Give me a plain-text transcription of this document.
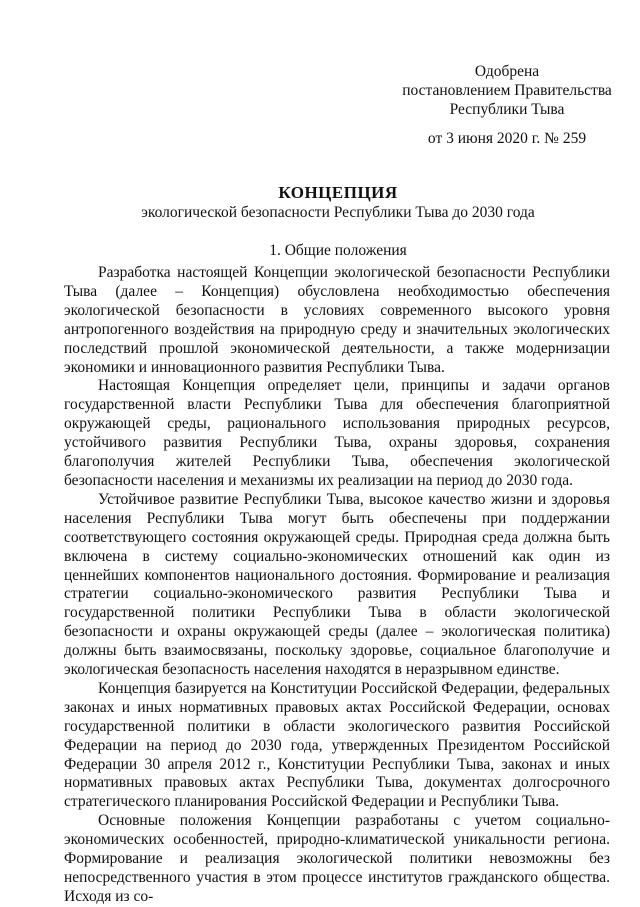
Одобрена
постановлением Правительства
Республики Тыва
от 3 июня 2020 г. № 259
КОНЦЕПЦИЯ
экологической безопасности Республики Тыва до 2030 года
1. Общие положения

Разработка настоящей Концепции экологической безопасности Республики Тыва (далее – Концепция) обусловлена необходимостью обеспечения экологической безопасности в условиях современного высокого уровня антропогенного воздействия на природную среду и значительных экологических последствий прошлой экономической деятельности, а также модернизации экономики и инновационного развития Республики Тыва.

Настоящая Концепция определяет цели, принципы и задачи органов государственной власти Республики Тыва для обеспечения благоприятной окружающей среды, рационального использования природных ресурсов, устойчивого развития Республики Тыва, охраны здоровья, сохранения благополучия жителей Республики Тыва, обеспечения экологической безопасности населения и механизмы их реализации на период до 2030 года.

Устойчивое развитие Республики Тыва, высокое качество жизни и здоровья населения Республики Тыва могут быть обеспечены при поддержании соответствующего состояния окружающей среды. Природная среда должна быть включена в систему социально-экономических отношений как один из ценнейших компонентов национального достояния. Формирование и реализация стратегии социально-экономического развития Республики Тыва и государственной политики Республики Тыва в области экологической безопасности и охраны окружающей среды (далее – экологическая политика) должны быть взаимосвязаны, поскольку здоровье, социальное благополучие и экологическая безопасность населения находятся в неразрывном единстве.

Концепция базируется на Конституции Российской Федерации, федеральных законах и иных нормативных правовых актах Российской Федерации, основах государственной политики в области экологического развития Российской Федерации на период до 2030 года, утвержденных Президентом Российской Федерации 30 апреля 2012 г., Конституции Республики Тыва, законах и иных нормативных правовых актах Республики Тыва, документах долгосрочного стратегического планирования Российской Федерации и Республики Тыва.

Основные положения Концепции разработаны с учетом социально-экономических особенностей, природно-климатической уникальности региона. Формирование и реализация экологической политики невозможны без непосредственного участия в этом процессе институтов гражданского общества. Исходя из со-
